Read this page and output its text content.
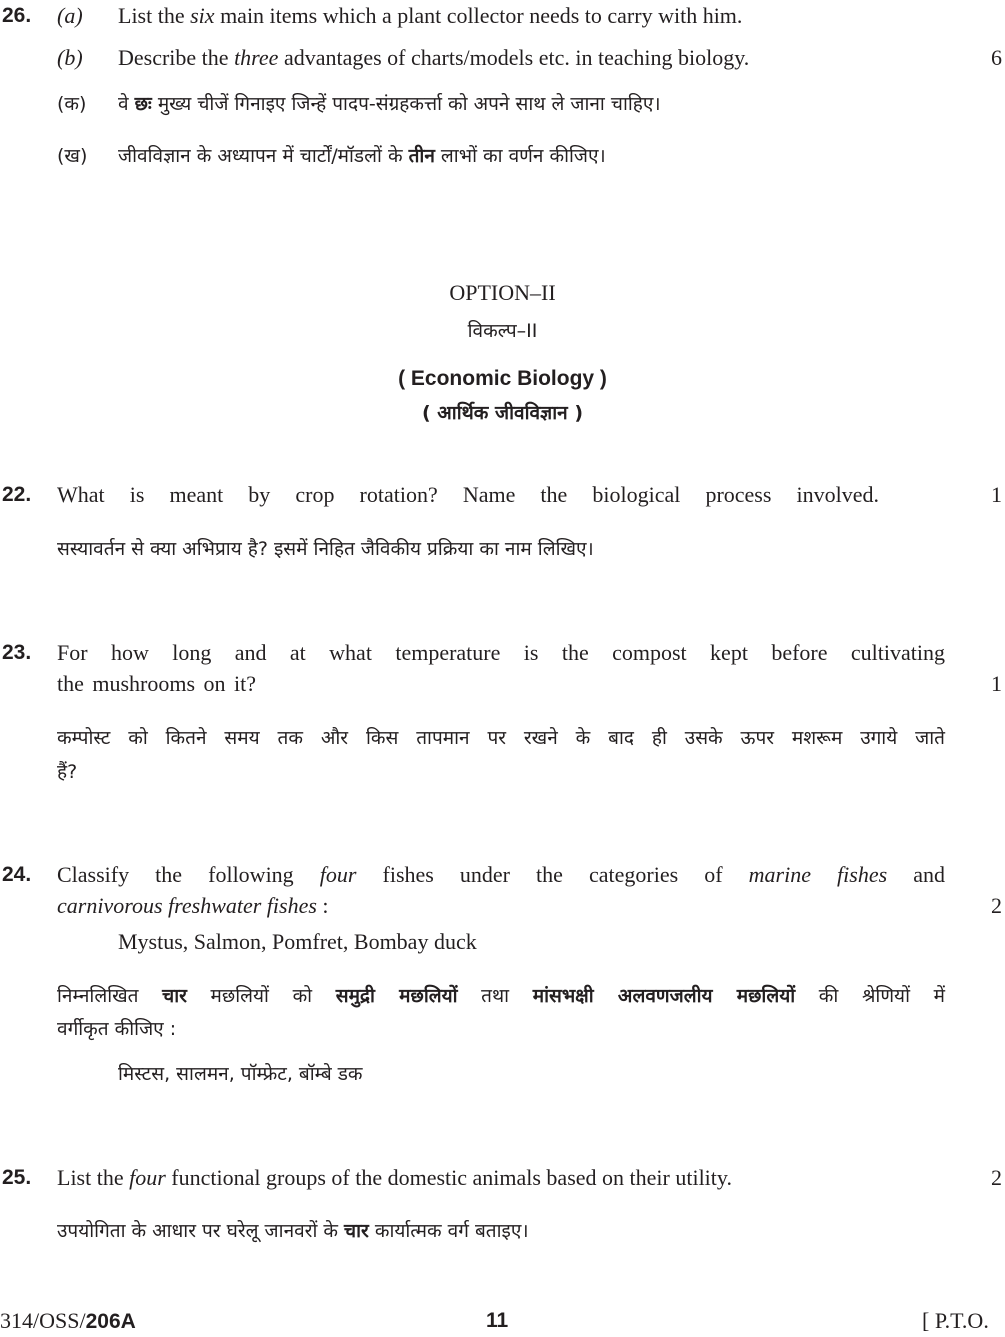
26. (a) List the six main items which a plant collector needs to carry with him.
(b) Describe the three advantages of charts/models etc. in teaching biology.	6
(क) वे छः मुख्य चीजें गिनाइए जिन्हें पादप-संग्रहकर्त्ता को अपने साथ ले जाना चाहिए।
(ख) जीवविज्ञान के अध्यापन में चार्टों/मॉडलों के तीन लाभों का वर्णन कीजिए।
OPTION–II
विकल्प–II
( Economic Biology )
( आर्थिक जीवविज्ञान )
22. What is meant by crop rotation? Name the biological process involved.	1
सस्यावर्तन से क्या अभिप्राय है? इसमें निहित जैविकीय प्रक्रिया का नाम लिखिए।
23. For how long and at what temperature is the compost kept before cultivating
the mushrooms on it?	1
कम्पोस्ट को कितने समय तक और किस तापमान पर रखने के बाद ही उसके ऊपर मशरूम उगाये जाते
हैं?
24. Classify the following four fishes under the categories of marine fishes and
carnivorous freshwater fishes :	2
Mystus, Salmon, Pomfret, Bombay duck
निम्नलिखित चार मछलियों को समुद्री मछलियों तथा मांसभक्षी अलवणजलीय मछलियों की श्रेणियों में
वर्गीकृत कीजिए :
मिस्टस, सालमन, पॉम्फ्रेट, बॉम्बे डक
25. List the four functional groups of the domestic animals based on their utility.	2
उपयोगिता के आधार पर घरेलू जानवरों के चार कार्यात्मक वर्ग बताइए।
314/OSS/206A	11	[ P.T.O.
